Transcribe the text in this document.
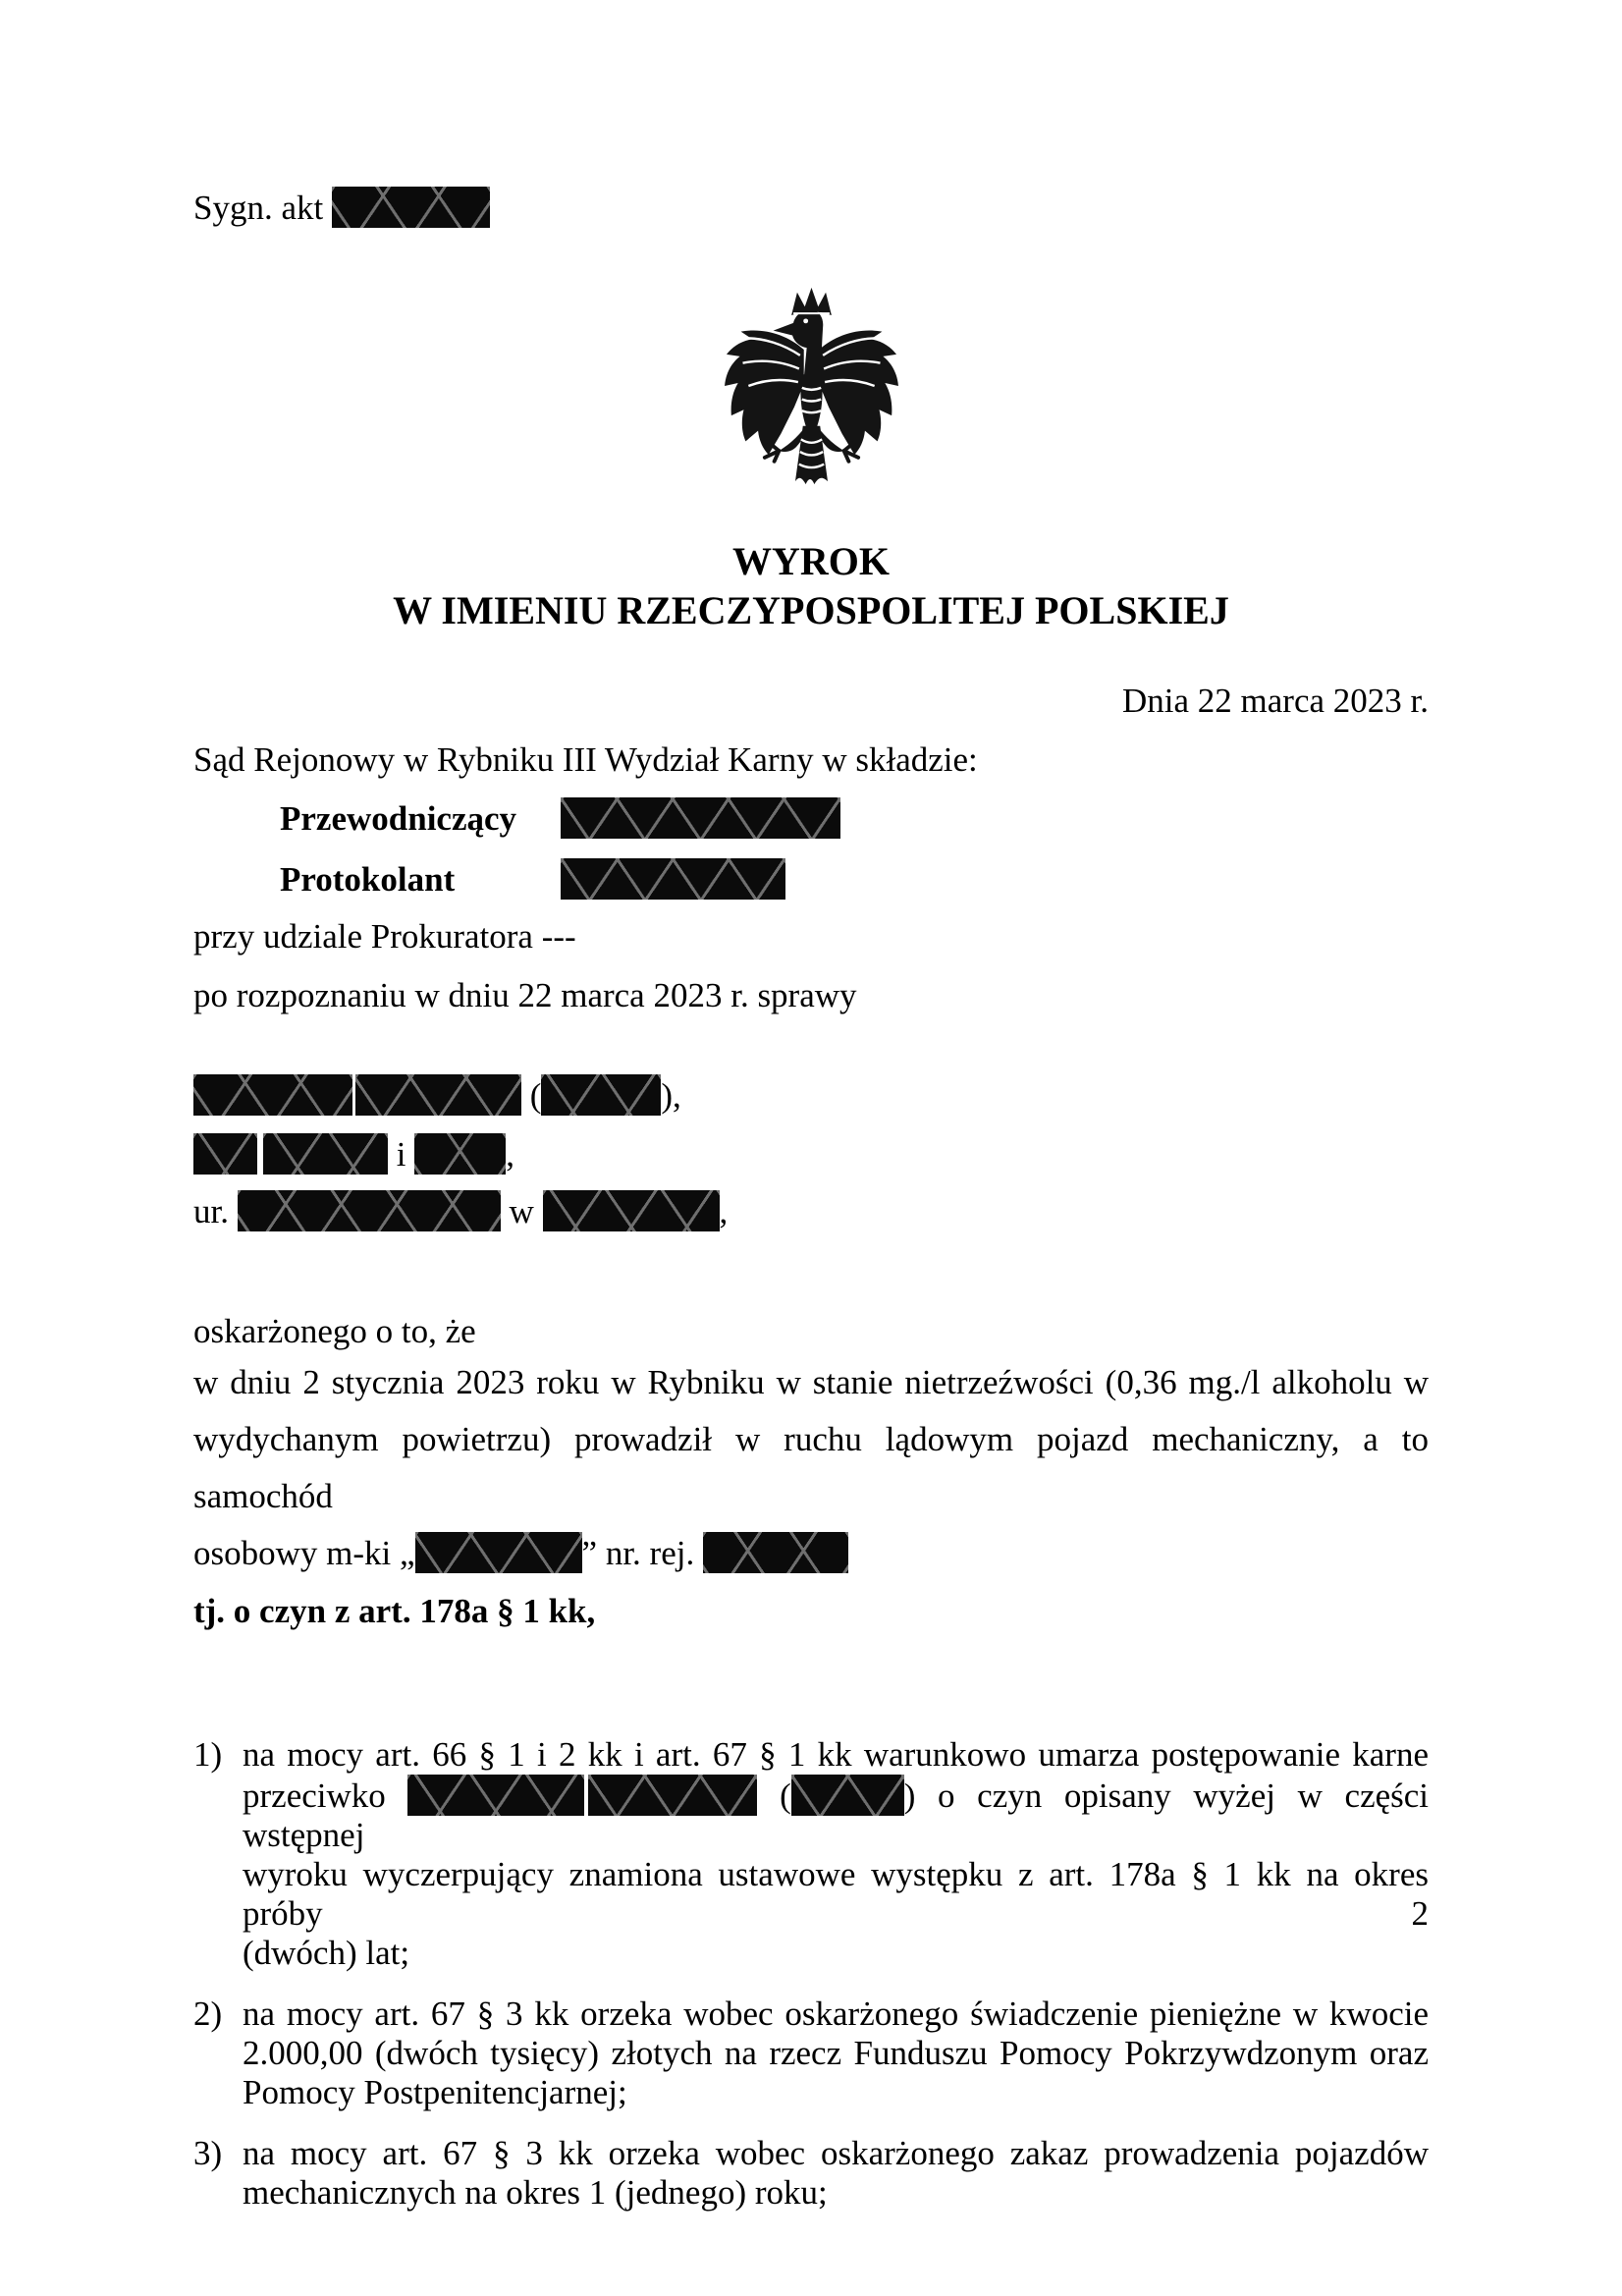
Sygn. akt
WYROK
W IMIENIU RZECZYPOSPOLITEJ POLSKIEJ
Dnia 22 marca 2023 r.
Sąd Rejonowy w Rybniku III Wydział Karny w składzie:
Przewodniczący
Protokolant
przy udziale Prokuratora ---
po rozpoznaniu w dniu 22 marca 2023 r. sprawy
(	),
i	,
ur.	w	,
oskarżonego o to, że
w dniu 2 stycznia 2023 roku w Rybniku w stanie nietrzeźwości (0,36 mg./l alkoholu w
wydychanym powietrzu) prowadził w ruchu lądowym pojazd mechaniczny, a to samochód
osobowy m-ki „	” nr. rej.
tj. o czyn z art. 178a § 1 kk,
1) na mocy art. 66 § 1 i 2 kk i art. 67 § 1 kk warunkowo umarza postępowanie karne
przeciwko	(	) o czyn opisany wyżej w części wstępnej
wyroku wyczerpujący znamiona ustawowe występku z art. 178a § 1 kk na okres próby 2
(dwóch) lat;
2) na mocy art. 67 § 3 kk orzeka wobec oskarżonego świadczenie pieniężne w kwocie
2.000,00 (dwóch tysięcy) złotych na rzecz Funduszu Pomocy Pokrzywdzonym oraz
Pomocy Postpenitencjarnej;
3) na mocy art. 67 § 3 kk orzeka wobec oskarżonego zakaz prowadzenia pojazdów
mechanicznych na okres 1 (jednego) roku;
